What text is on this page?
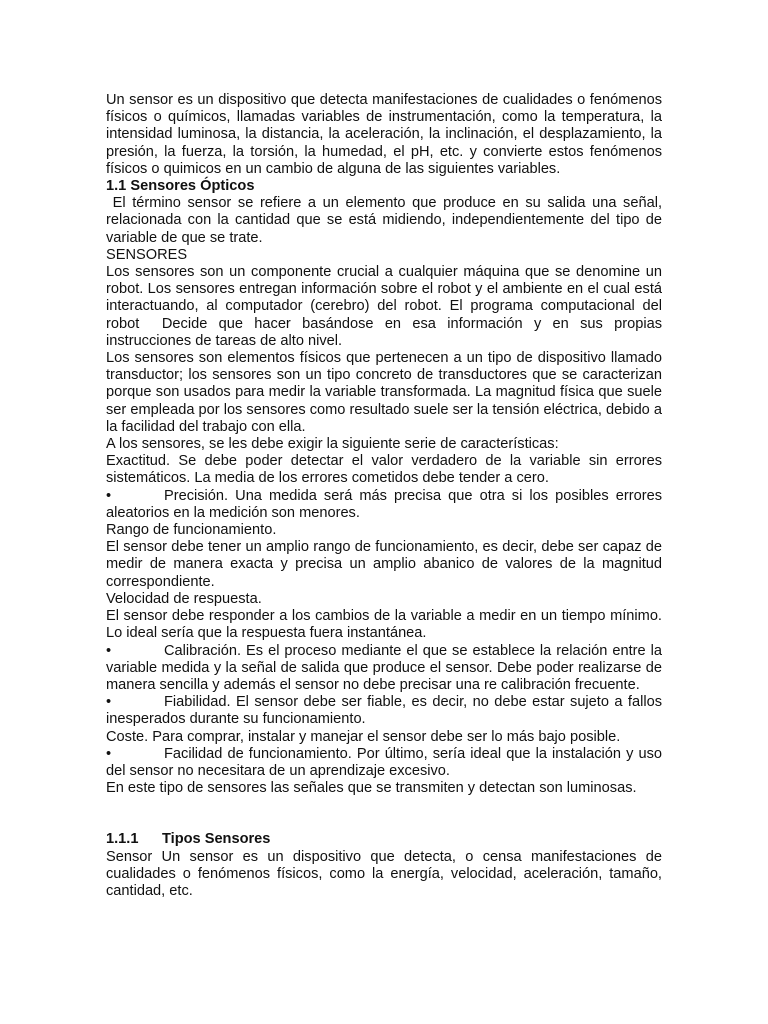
Un sensor es un dispositivo que detecta manifestaciones de cualidades o fenómenos físicos o químicos, llamadas variables de instrumentación, como la temperatura, la intensidad luminosa, la distancia, la aceleración, la inclinación, el desplazamiento, la presión, la fuerza, la torsión, la humedad, el pH, etc. y convierte estos fenómenos físicos o quimicos en un cambio de alguna de las siguientes variables.

1.1 Sensores Ópticos

El término sensor se refiere a un elemento que produce en su salida una señal, relacionada con la cantidad que se está midiendo, independientemente del tipo de variable de que se trate.

SENSORES

Los sensores son un componente crucial a cualquier máquina que se denomine un robot. Los sensores entregan información sobre el robot y el ambiente en el cual está interactuando, al computador (cerebro) del robot. El programa computacional del robot  Decide que hacer basándose en esa información y en sus propias instrucciones de tareas de alto nivel.

Los sensores son elementos físicos que pertenecen a un tipo de dispositivo llamado transductor; los sensores son un tipo concreto de transductores que se caracterizan porque son usados para medir la variable transformada. La magnitud física que suele ser empleada por los sensores como resultado suele ser la tensión eléctrica, debido a la facilidad del trabajo con ella.

A los sensores, se les debe exigir la siguiente serie de características:

Exactitud. Se debe poder detectar el valor verdadero de la variable sin errores sistemáticos. La media de los errores cometidos debe tender a cero.

•	Precisión. Una medida será más precisa que otra si los posibles errores aleatorios en la medición son menores.

Rango de funcionamiento.

El sensor debe tener un amplio rango de funcionamiento, es decir, debe ser capaz de medir de manera exacta y precisa un amplio abanico de valores de la magnitud correspondiente.

Velocidad de respuesta.

El sensor debe responder a los cambios de la variable a medir en un tiempo mínimo. Lo ideal sería que la respuesta fuera instantánea.

•	Calibración. Es el proceso mediante el que se establece la relación entre la variable medida y la señal de salida que produce el sensor. Debe poder realizarse de manera sencilla y además el sensor no debe precisar una re calibración frecuente.

•	Fiabilidad. El sensor debe ser fiable, es decir, no debe estar sujeto a fallos inesperados durante su funcionamiento.

Coste. Para comprar, instalar y manejar el sensor debe ser lo más bajo posible.

•	Facilidad de funcionamiento. Por último, sería ideal que la instalación y uso del sensor no necesitara de un aprendizaje excesivo.

En este tipo de sensores las señales que se transmiten y detectan son luminosas.

1.1.1 Tipos Sensores

Sensor Un sensor es un dispositivo que detecta, o censa manifestaciones de cualidades o fenómenos físicos, como la energía, velocidad, aceleración, tamaño, cantidad, etc.
